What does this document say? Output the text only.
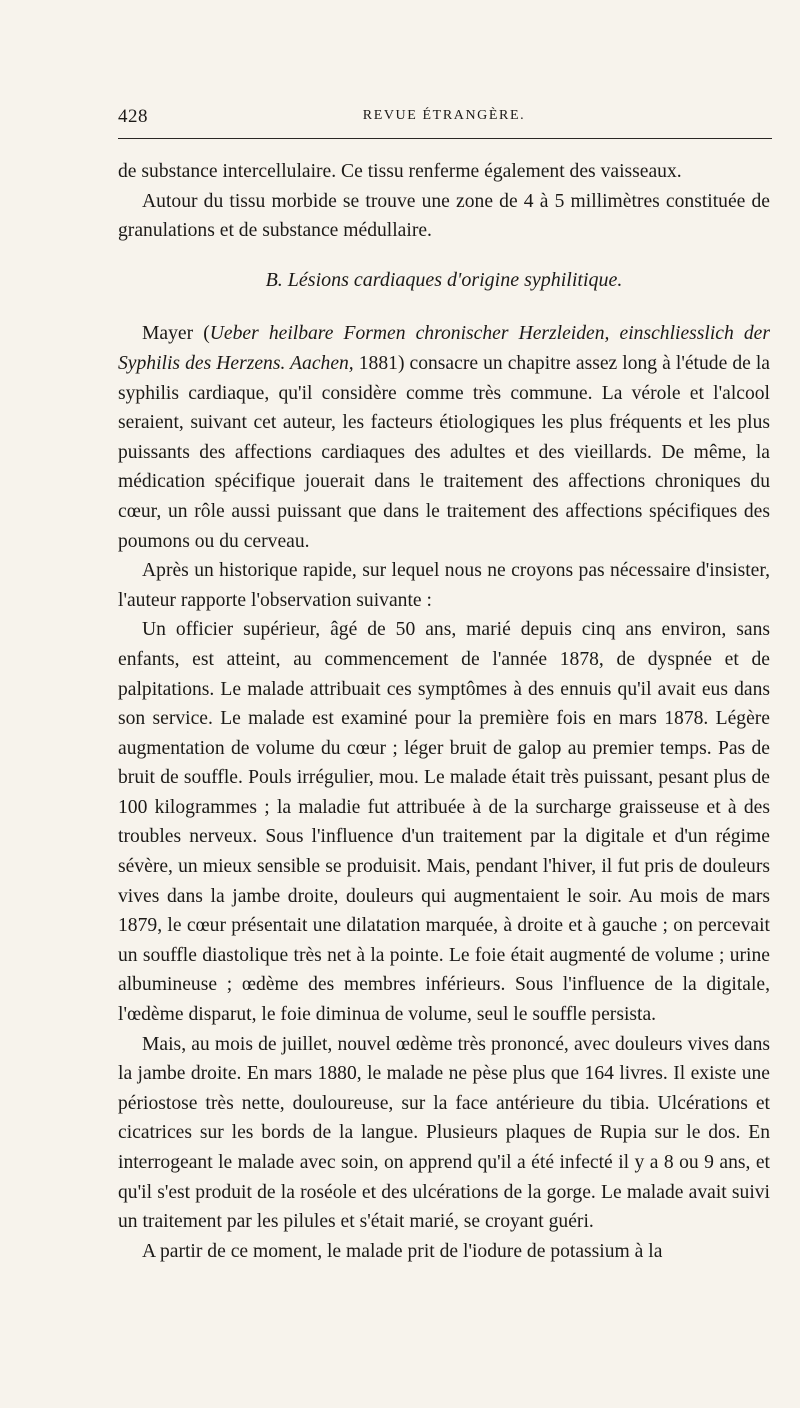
428	REVUE ÉTRANGÈRE.

de substance intercellulaire. Ce tissu renferme également des vaisseaux.

Autour du tissu morbide se trouve une zone de 4 à 5 millimètres constituée de granulations et de substance médullaire.

B. Lésions cardiaques d'origine syphilitique.

Mayer (Ueber heilbare Formen chronischer Herzleiden, einschliesslich der Syphilis des Herzens. Aachen, 1881) consacre un chapitre assez long à l'étude de la syphilis cardiaque, qu'il considère comme très commune. La vérole et l'alcool seraient, suivant cet auteur, les facteurs étiologiques les plus fréquents et les plus puissants des affections cardiaques des adultes et des vieillards. De même, la médication spécifique jouerait dans le traitement des affections chroniques du cœur, un rôle aussi puissant que dans le traitement des affections spécifiques des poumons ou du cerveau.

Après un historique rapide, sur lequel nous ne croyons pas nécessaire d'insister, l'auteur rapporte l'observation suivante :

Un officier supérieur, âgé de 50 ans, marié depuis cinq ans environ, sans enfants, est atteint, au commencement de l'année 1878, de dyspnée et de palpitations. Le malade attribuait ces symptômes à des ennuis qu'il avait eus dans son service. Le malade est examiné pour la première fois en mars 1878. Légère augmentation de volume du cœur ; léger bruit de galop au premier temps. Pas de bruit de souffle. Pouls irrégulier, mou. Le malade était très puissant, pesant plus de 100 kilogrammes ; la maladie fut attribuée à de la surcharge graisseuse et à des troubles nerveux. Sous l'influence d'un traitement par la digitale et d'un régime sévère, un mieux sensible se produisit. Mais, pendant l'hiver, il fut pris de douleurs vives dans la jambe droite, douleurs qui augmentaient le soir. Au mois de mars 1879, le cœur présentait une dilatation marquée, à droite et à gauche ; on percevait un souffle diastolique très net à la pointe. Le foie était augmenté de volume ; urine albumineuse ; œdème des membres inférieurs. Sous l'influence de la digitale, l'œdème disparut, le foie diminua de volume, seul le souffle persista.

Mais, au mois de juillet, nouvel œdème très prononcé, avec douleurs vives dans la jambe droite. En mars 1880, le malade ne pèse plus que 164 livres. Il existe une périostose très nette, douloureuse, sur la face antérieure du tibia. Ulcérations et cicatrices sur les bords de la langue. Plusieurs plaques de Rupia sur le dos. En interrogeant le malade avec soin, on apprend qu'il a été infecté il y a 8 ou 9 ans, et qu'il s'est produit de la roséole et des ulcérations de la gorge. Le malade avait suivi un traitement par les pilules et s'était marié, se croyant guéri.

A partir de ce moment, le malade prit de l'iodure de potassium à la
